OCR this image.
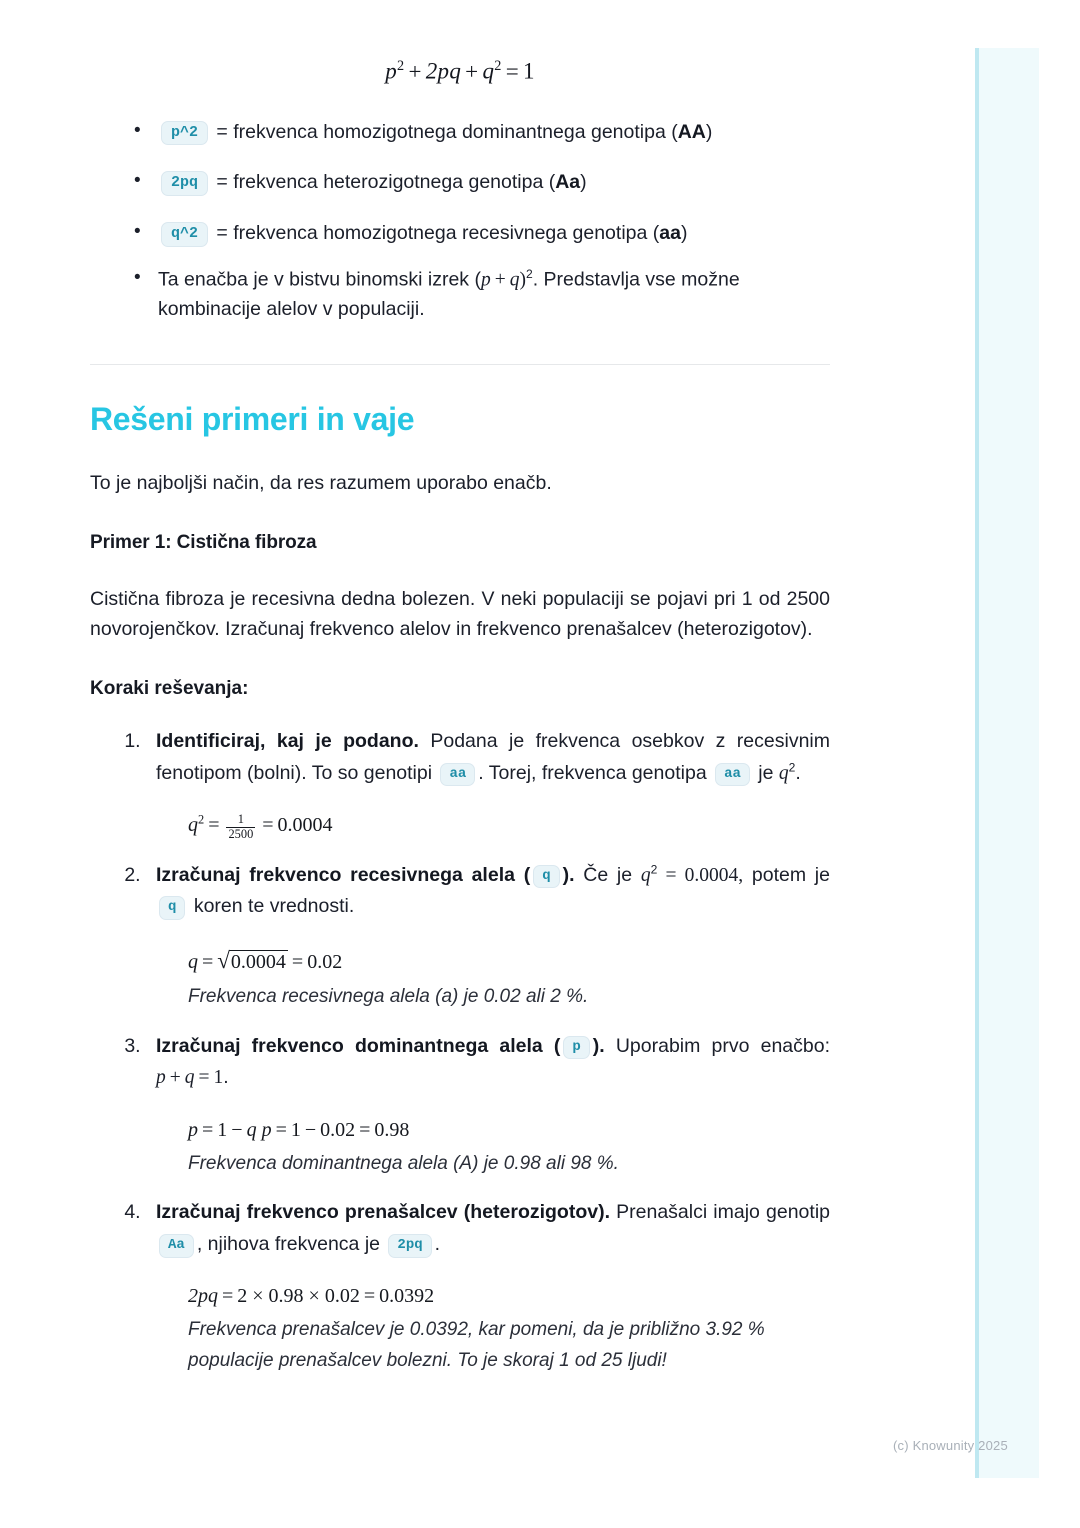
$p^2 + 2pq + q^2 = 1$
• p^2 = frekvenca homozigotnega dominantnega genotipa (AA)
• 2pq = frekvenca heterozigotnega genotipa (Aa)
• q^2 = frekvenca homozigotnega recesivnega genotipa (aa)
• Ta enačba je v bistvu binomski izrek $(p + q)^2$. Predstavlja vse možne kombinacije alelov v populaciji.
Rešeni primeri in vaje

To je najboljši način, da res razumem uporabo enačb.

Primer 1: Cistična fibroza

Cistična fibroza je recesivna dedna bolezen. V neki populaciji se pojavi pri 1 od 2500 novorojenčkov. Izračunaj frekvenco alelov in frekvenco prenašalcev (heterozigotov).

Koraki reševanja:
1. Identificiraj, kaj je podano. Podana je frekvenca osebkov z recesivnim fenotipom (bolni). To so genotipi aa . Torej, frekvenca genotipa aa je $q^2$.
$q^2 = \frac{1}{2500} = 0.0004$
2. Izračunaj frekvenco recesivnega alela ( q ). Če je $q^2 = 0.0004$, potem je q koren te vrednosti.
q = √0.0004 = 0.02
Frekvenca recesivnega alela (a) je 0.02 ali 2 %.
3. Izračunaj frekvenco dominantnega alela ( p ). Uporabim prvo enačbo: p + q = 1.
p = 1 − q p = 1 − 0.02 = 0.98
Frekvenca dominantnega alela (A) je 0.98 ali 98 %.
4. Izračunaj frekvenco prenašalcev (heterozigotov). Prenašalci imajo genotip Aa , njihova frekvenca je 2pq .
2pq = 2 × 0.98 × 0.02 = 0.0392
Frekvenca prenašalcev je 0.0392, kar pomeni, da je približno 3.92 % populacije prenašalcev bolezni. To je skoraj 1 od 25 ljudi!
(c) Knowunity 2025
